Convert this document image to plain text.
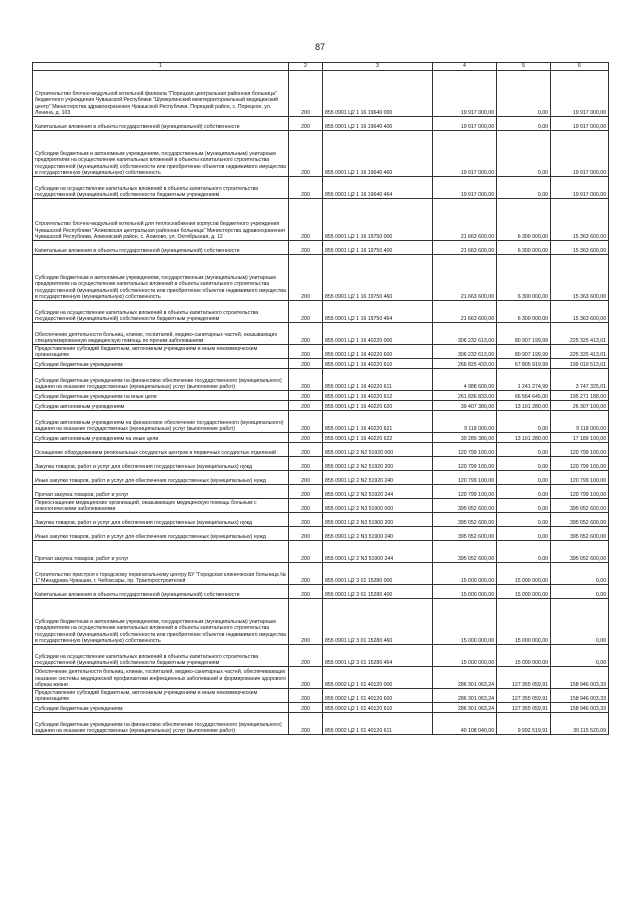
87
1	2	3	4	5	6
Строительство блочно-модульной котельной филиала "Порецкая центральная районная больница" бюджетного учреждения Чувашской Республики "Шумерлинский межтерриториальный медицинский центр" Министерства здравоохранения Чувашской Республики, Порецкий район, с. Порецкое, ул. Ленина, д. 103	200	855 0901 Ц2 1 16 19640 000	19 917 000,00	0,00	19 917 000,00
Капитальные вложения в объекты государственной (муниципальной) собственности	200	855 0901 Ц2 1 16 19640 400	19 917 000,00	0,00	19 917 000,00
Субсидии бюджетным и автономным учреждениям, государственным (муниципальным) унитарным предприятиям на осуществление капитальных вложений в объекты капитального строительства государственной (муниципальной) собственности или приобретение объектов недвижимого имущества в государственную (муниципальную) собственность	200	855 0901 Ц2 1 16 19640 460	19 917 000,00	0,00	19 917 000,00
Субсидии на осуществление капитальных вложений в объекты капитального строительства государственной (муниципальной) собственности бюджетным учреждениям	200	855 0901 Ц2 1 16 19640 464	19 917 000,00	0,00	19 917 000,00
Строительство блочно-модульной котельной для теплоснабжения корпусов бюджетного учреждения Чувашской Республики "Аликовская центральная районная больница" Министерства здравоохранения Чувашской Республики, Аликовский район, с. Аликово, ул. Октябрьская, д. 12	200	855 0901 Ц2 1 16 19750 000	21 663 600,00	6 300 000,00	15 363 600,00
Капитальные вложения в объекты государственной (муниципальной) собственности	200	855 0901 Ц2 1 16 19750 400	21 663 600,00	6 300 000,00	15 363 600,00
Субсидии бюджетным и автономным учреждениям, государственным (муниципальным) унитарным предприятиям на осуществление капитальных вложений в объекты капитального строительства государственной (муниципальной) собственности или приобретение объектов недвижимого имущества в государственную (муниципальную) собственность	200	855 0901 Ц2 1 16 19750 460	21 663 600,00	6 300 000,00	15 363 600,00
Субсидии на осуществление капитальных вложений в объекты капитального строительства государственной (муниципальной) собственности бюджетным учреждениям	200	855 0901 Ц2 1 16 19750 464	21 663 600,00	6 300 000,00	15 363 600,00
Обеспечение деятельности больниц, клиник, госпиталей, медико-санитарных частей, оказывающих специализированную медицинскую помощь по прочим заболеваниям	200	855 0901 Ц2 1 16 40220 000	306 232 613,00	80 907 199,99	225 325 413,01
Предоставление субсидий бюджетным, автономным учреждениям и иным некоммерческим организациям	200	855 0901 Ц2 1 16 40220 600	306 232 613,00	80 907 199,99	225 325 413,01
Субсидии бюджетным учреждениям	200	855 0901 Ц2 1 16 40220 610	266 825 433,00	67 805 919,99	199 019 513,01
Субсидии бюджетным учреждениям на финансовое обеспечение государственного (муниципального) задания на оказание государственных (муниципальных) услуг (выполнение работ)	200	855 0901 Ц2 1 16 40220 611	4 988 600,00	1 241 274,99	3 747 325,01
Субсидии бюджетным учреждениям на иные цели	200	855 0901 Ц2 1 16 40220 612	261 836 833,00	66 564 645,00	195 271 188,00
Субсидии автономным учреждениям	200	855 0901 Ц2 1 16 40220 620	39 407 380,00	13 101 280,00	26 307 100,00
Субсидии автономным учреждениям на финансовое обеспечение государственного (муниципального) задания на оказание государственных (муниципальных) услуг (выполнение работ)	200	855 0901 Ц2 1 16 40220 621	9 118 000,00	0,00	9 118 000,00
Субсидии автономным учреждениям на иные цели	200	855 0901 Ц2 1 16 40220 622	30 289 380,00	13 101 280,00	17 189 100,00
Оснащение оборудованием региональных сосудистых центров и первичных сосудистых отделений	200	855 0901 Ц2 2 N2 51920 000	120 799 100,00	0,00	120 799 100,00
Закупка товаров, работ и услуг для обеспечения государственных (муниципальных) нужд	200	855 0901 Ц2 2 N2 51920 200	120 799 100,00	0,00	120 799 100,00
Иные закупки товаров, работ и услуг для обеспечения государственных (муниципальных) нужд	200	855 0901 Ц2 2 N2 51920 240	120 799 100,00	0,00	120 799 100,00
Прочая закупка товаров, работ и услуг	200	855 0901 Ц2 2 N2 51920 244	120 799 100,00	0,00	120 799 100,00
Переоснащение медицинских организаций, оказывающих медицинскую помощь больным с онкологическими заболеваниями	200	855 0901 Ц2 2 N3 51900 000	395 052 600,00	0,00	395 052 600,00
Закупка товаров, работ и услуг для обеспечения государственных (муниципальных) нужд	200	855 0901 Ц2 2 N3 51900 200	395 052 600,00	0,00	395 052 600,00
Иные закупки товаров, работ и услуг для обеспечения государственных (муниципальных) нужд	200	855 0901 Ц2 2 N3 51900 240	395 052 600,00	0,00	395 052 600,00
Прочая закупка товаров, работ и услуг	200	855 0901 Ц2 2 N3 51900 244	395 052 600,00	0,00	395 052 600,00
Строительство пристроя к городскому перинатальному центру БУ "Городская клиническая больница № 1" Минздрава Чувашии, г. Чебоксары, пр. Тракторостроителей	200	855 0901 Ц2 3 01 15280 000	15 000 000,00	15 000 000,00	0,00
Капитальные вложения в объекты государственной (муниципальной) собственности	200	855 0901 Ц2 3 01 15280 400	15 000 000,00	15 000 000,00	0,00
Субсидии бюджетным и автономным учреждениям, государственным (муниципальным) унитарным предприятиям на осуществление капитальных вложений в объекты капитального строительства государственной (муниципальной) собственности или приобретение объектов недвижимого имущества в государственную (муниципальную) собственность	200	855 0901 Ц2 3 01 15280 460	15 000 000,00	15 000 000,00	0,00
Субсидии на осуществление капитальных вложений в объекты капитального строительства государственной (муниципальной) собственности бюджетным учреждениям	200	855 0901 Ц2 3 01 15280 464	15 000 000,00	15 000 000,00	0,00
Обеспечение деятельности больниц, клиник, госпиталей, медико-санитарных частей, обеспечивающих оказание системы медицинской профилактики инфекционных заболеваний и формирование здорового образа жизни	200	855 0902 Ц2 1 01 40120 000	286 301 063,24	127 355 059,91	158 946 003,33
Предоставление субсидий бюджетным, автономным учреждениям и иным некоммерческим организациям	200	855 0902 Ц2 1 01 40120 600	286 301 063,24	127 355 059,91	158 946 003,33
Субсидии бюджетным учреждениям	200	855 0902 Ц2 1 01 40120 610	286 301 063,24	127 355 059,91	158 946 003,33
Субсидии бюджетным учреждениям на финансовое обеспечение государственного (муниципального) задания на оказание государственных (муниципальных) услуг (выполнение работ)	200	855 0902 Ц2 1 01 40120 611	40 108 040,00	9 992 519,91	30 115 520,09
